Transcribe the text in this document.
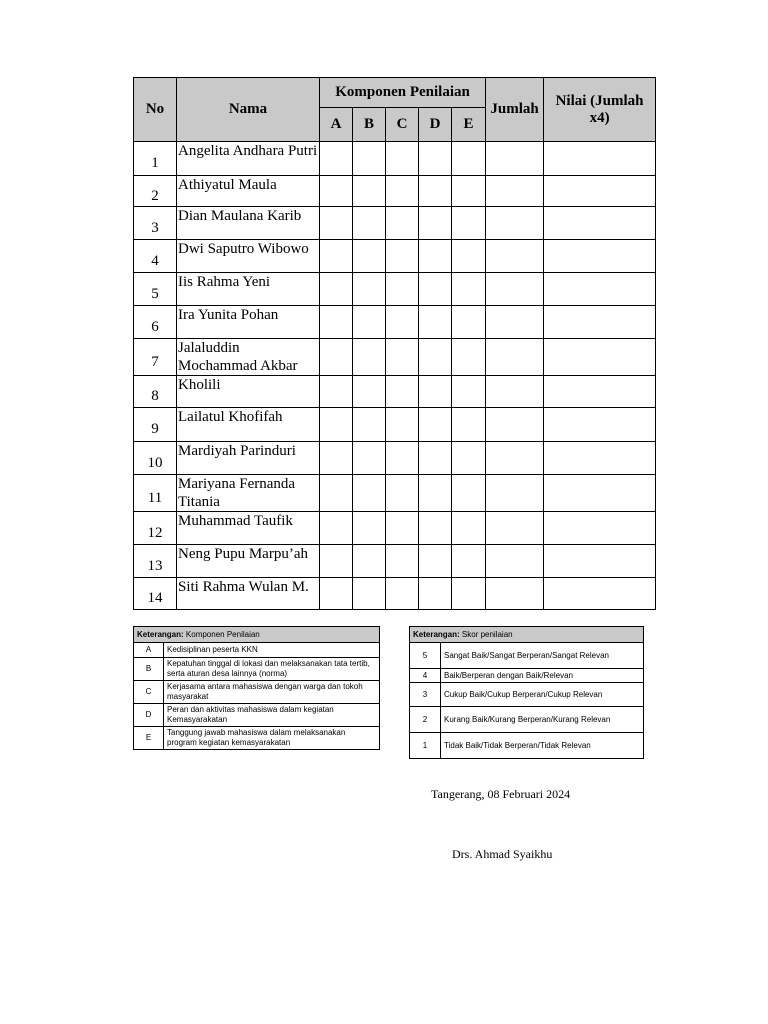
No	Nama	Komponen Penilaian					Jumlah	Nilai (Jumlah x4)
		A	B	C	D	E		
1	Angelita Andhara Putri							
2	Athiyatul Maula							
3	Dian Maulana Karib							
4	Dwi Saputro Wibowo							
5	Iis Rahma Yeni							
6	Ira Yunita Pohan							
7	Jalaluddin Mochammad Akbar							
8	Kholili							
9	Lailatul Khofifah							
10	Mardiyah Parinduri							
11	Mariyana Fernanda Titania							
12	Muhammad Taufik							
13	Neng Pupu Marpu’ah							
14	Siti Rahma Wulan M.							
Keterangan: Komponen Penilaian	
A	Kedisiplinan peserta KKN
B	Kepatuhan tinggal di lokasi dan melaksanakan tata tertib, serta aturan desa lainnya (norma)
C	Kerjasama antara mahasiswa dengan warga dan tokoh masyarakat
D	Peran dan aktivitas mahasiswa dalam kegiatan Kemasyarakatan
E	Tanggung jawab mahasiswa dalam melaksanakan program kegiatan kemasyarakatan
Keterangan: Skor penilaian	
5	Sangat Baik/Sangat Berperan/Sangat Relevan
4	Baik/Berperan dengan Baik/Relevan
3	Cukup Baik/Cukup Berperan/Cukup Relevan
2	Kurang Baik/Kurang Berperan/Kurang Relevan
1	Tidak Baik/Tidak Berperan/Tidak Relevan
Tangerang, 08 Februari 2024
Drs. Ahmad Syaikhu
